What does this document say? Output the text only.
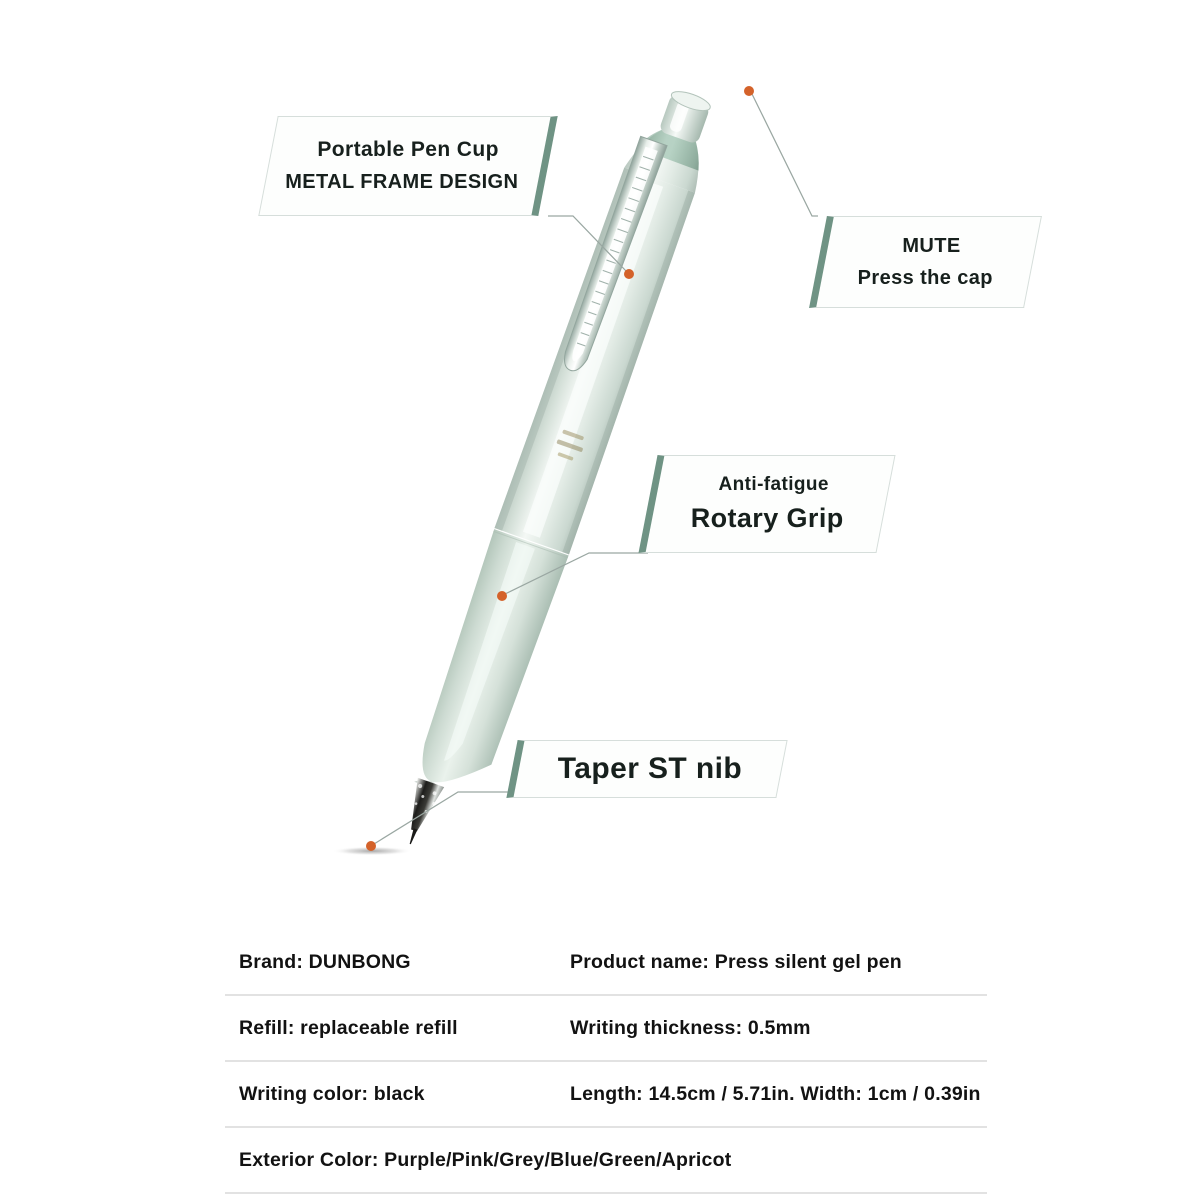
Portable Pen Cup
METAL FRAME DESIGN
MUTE
Press the cap
Anti-fatigue
Rotary Grip
Taper ST nib
Brand: DUNBONG	Product name: Press silent gel pen
Refill: replaceable refill	Writing thickness: 0.5mm
Writing color: black	Length: 14.5cm / 5.71in. Width: 1cm / 0.39in
Exterior Color: Purple/Pink/Grey/Blue/Green/Apricot
